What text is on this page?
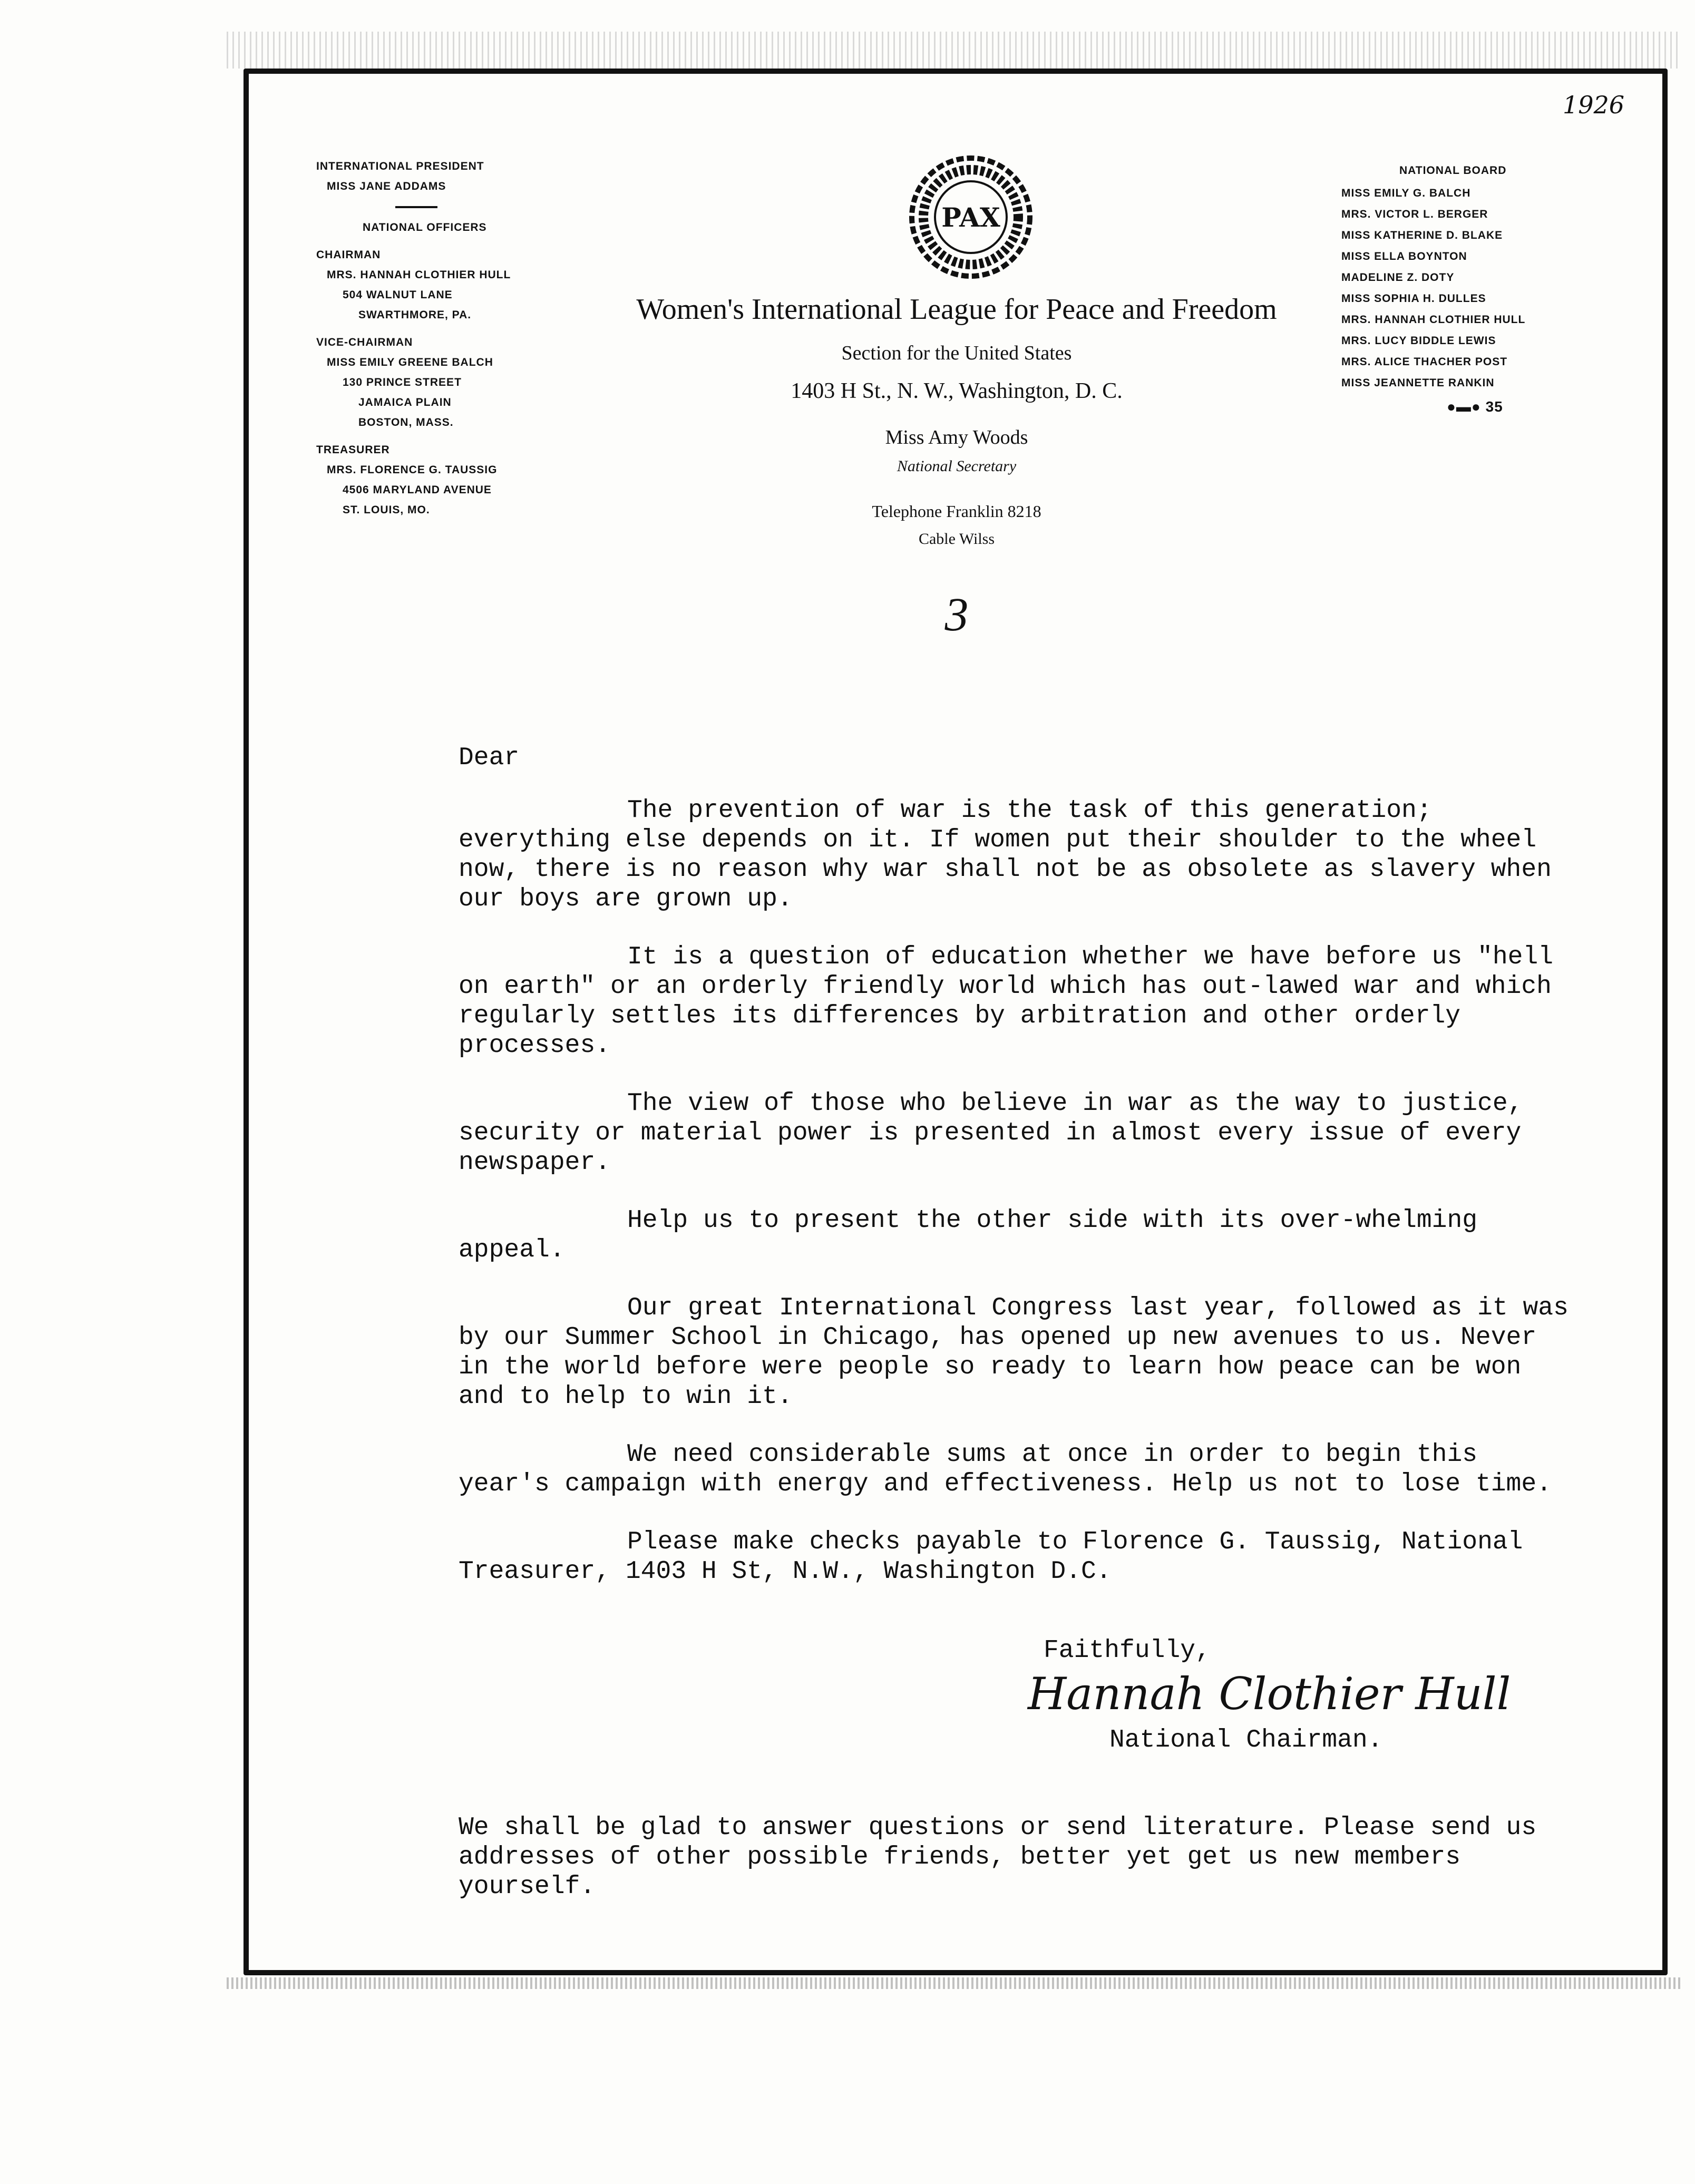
1926
INTERNATIONAL PRESIDENT
MISS JANE ADDAMS
NATIONAL OFFICERS
CHAIRMAN
MRS. HANNAH CLOTHIER HULL
504 WALNUT LANE
SWARTHMORE, PA.
VICE-CHAIRMAN
MISS EMILY GREENE BALCH
130 PRINCE STREET
JAMAICA PLAIN
BOSTON, MASS.
TREASURER
MRS. FLORENCE G. TAUSSIG
4506 MARYLAND AVENUE
ST. LOUIS, MO.
PAX
Women's International League for Peace and Freedom
Section for the United States
1403 H St., N. W., Washington, D. C.
Miss Amy Woods
National Secretary
Telephone Franklin 8218
Cable Wilss
3
NATIONAL BOARD
MISS EMILY G. BALCH
MRS. VICTOR L. BERGER
MISS KATHERINE D. BLAKE
MISS ELLA BOYNTON
MADELINE Z. DOTY
MISS SOPHIA H. DULLES
MRS. HANNAH CLOTHIER HULL
MRS. LUCY BIDDLE LEWIS
MRS. ALICE THACHER POST
MISS JEANNETTE RANKIN
●▬● 35

Dear

The prevention of war is the task of this generation; everything else depends on it. If women put their shoulder to the wheel now, there is no reason why war shall not be as obsolete as slavery when our boys are grown up.

It is a question of education whether we have before us "hell on earth" or an orderly friendly world which has out-lawed war and which regularly settles its differences by arbitration and other orderly processes.

The view of those who believe in war as the way to justice, security or material power is presented in almost every issue of every newspaper.

Help us to present the other side with its over-whelming appeal.

Our great International Congress last year, followed as it was by our Summer School in Chicago, has opened up new avenues to us. Never in the world before were people so ready to learn how peace can be won and to help to win it.

We need considerable sums at once in order to begin this year's campaign with energy and effectiveness. Help us not to lose time.

Please make checks payable to Florence G. Taussig, National Treasurer, 1403 H St, N.W., Washington D.C.

Faithfully,
Hannah Clothier Hull
National Chairman.
We shall be glad to answer questions or send literature. Please send us addresses of other possible friends, better yet get us new members yourself.
